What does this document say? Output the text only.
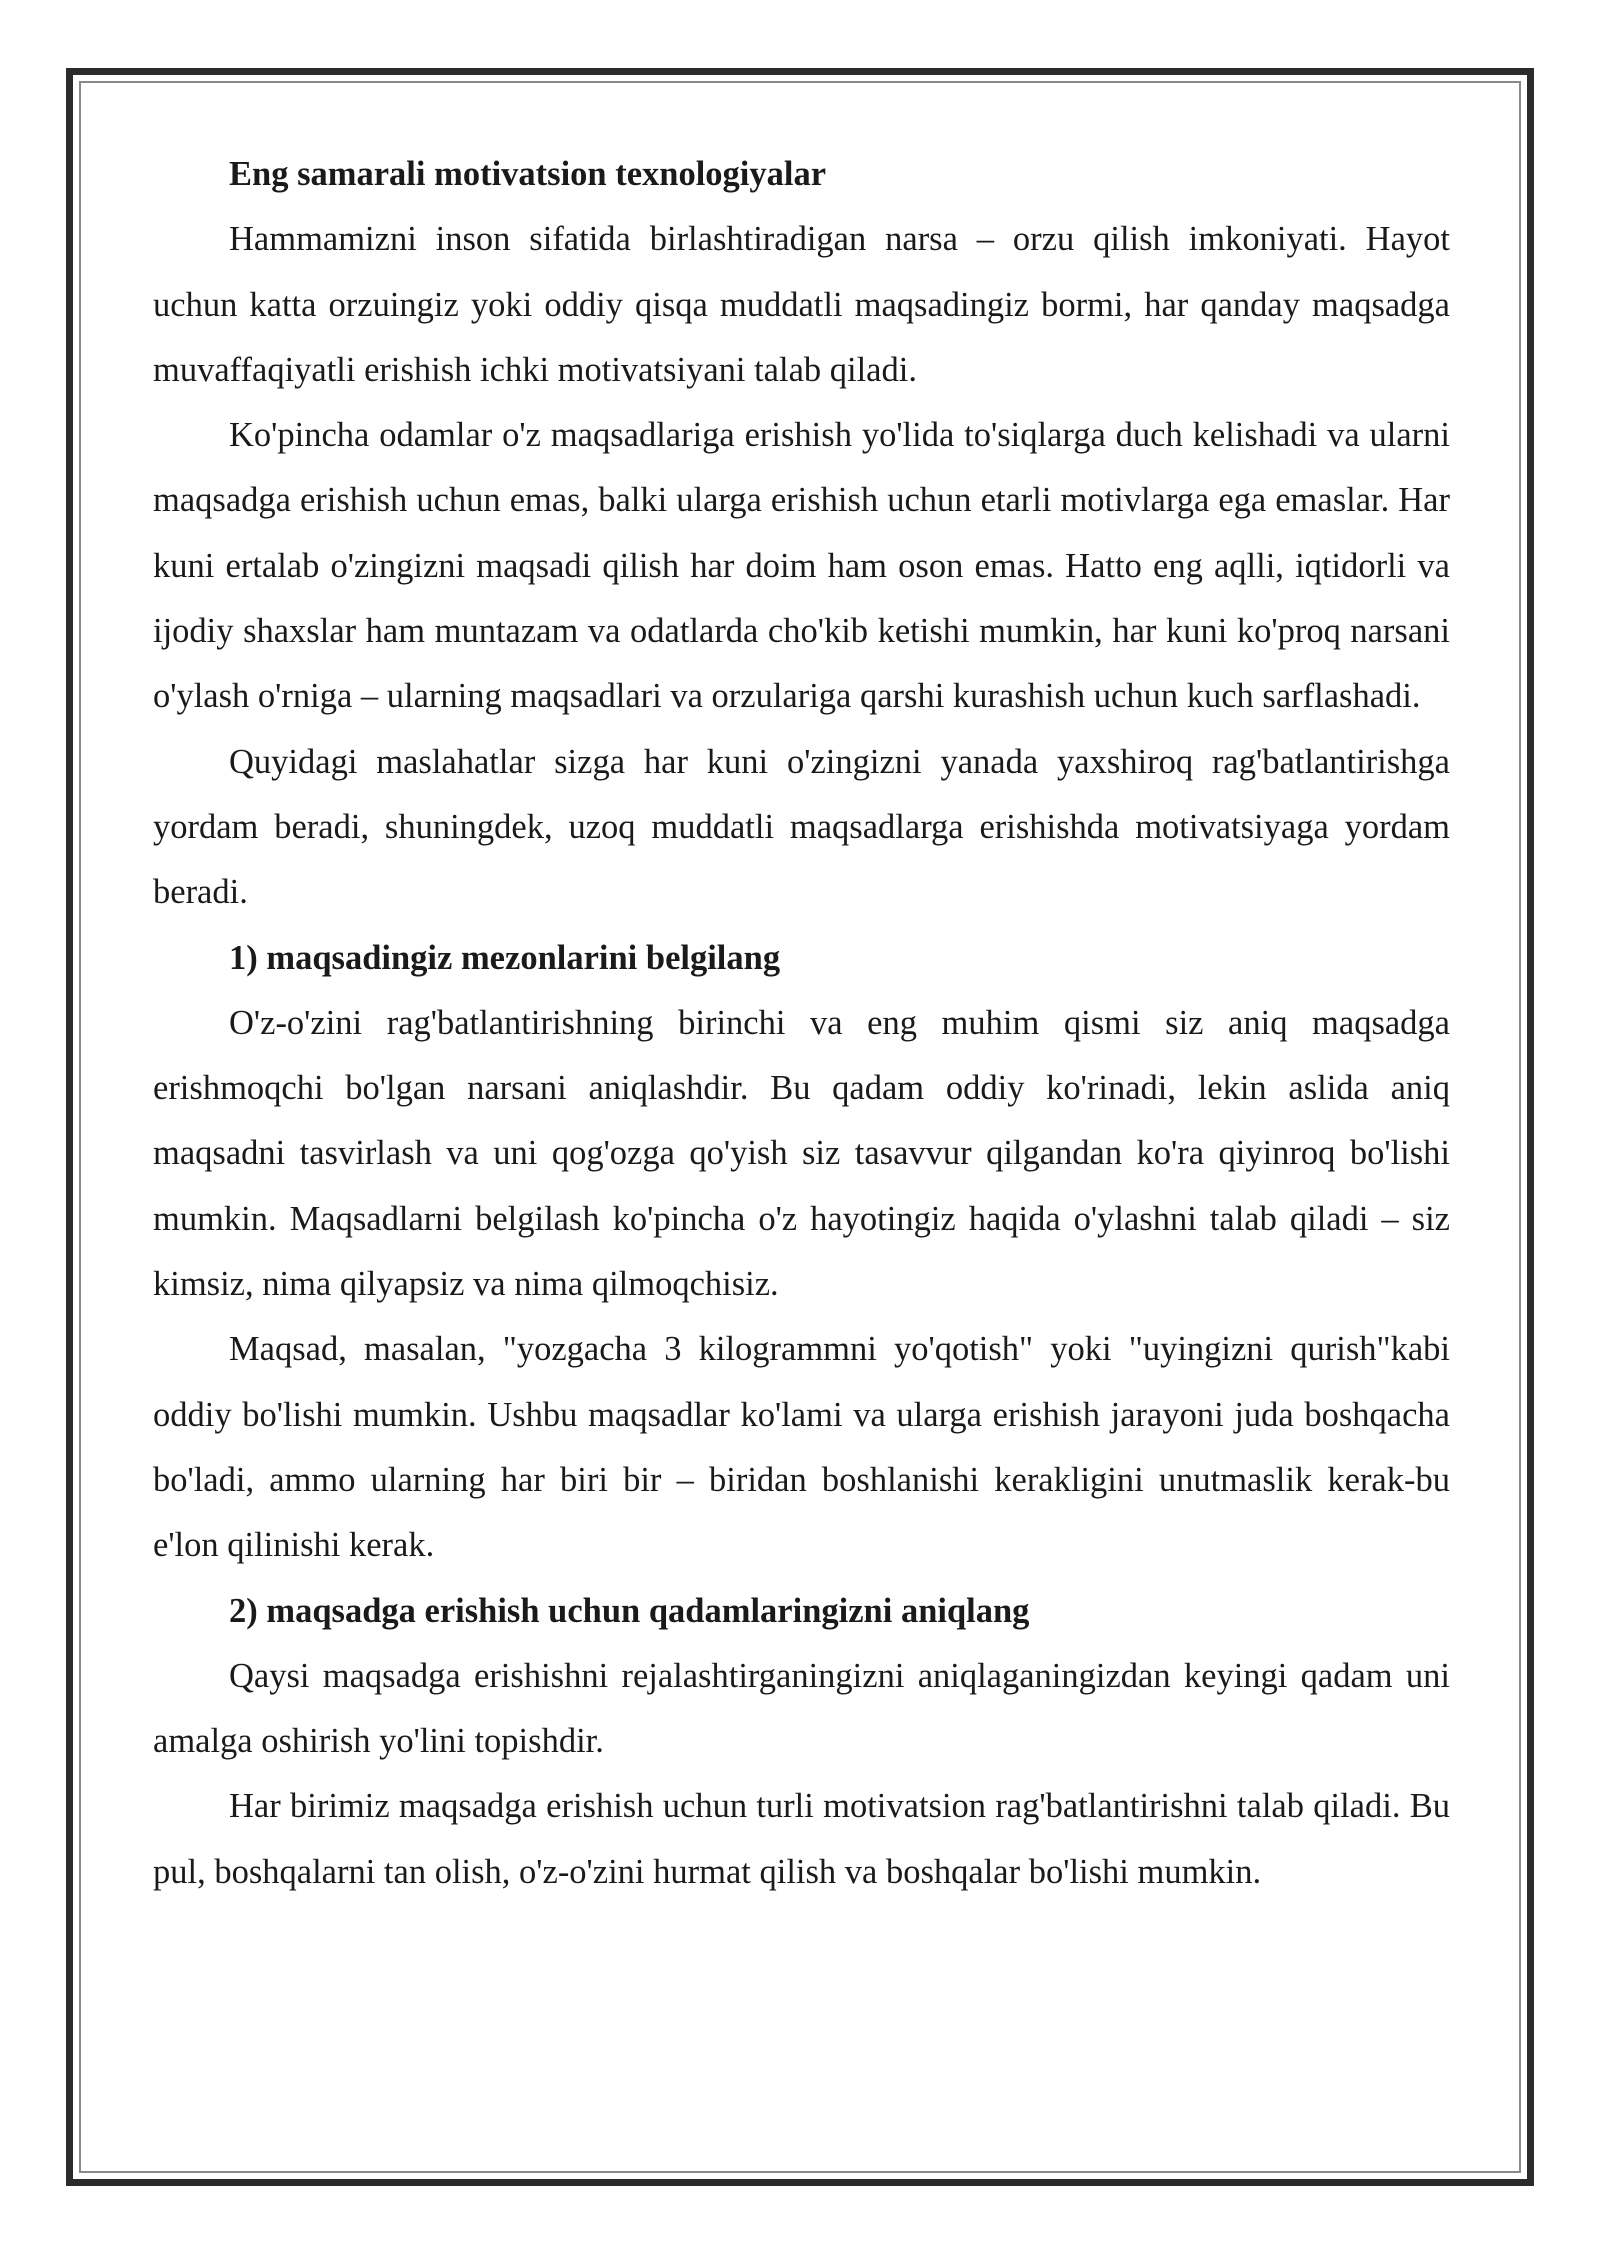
Eng samarali motivatsion texnologiyalar

Hammamizni inson sifatida birlashtiradigan narsa – orzu qilish imkoniyati. Hayot uchun katta orzuingiz yoki oddiy qisqa muddatli maqsadingiz bormi, har qanday maqsadga muvaffaqiyatli erishish ichki motivatsiyani talab qiladi.

Ko'pincha odamlar o'z maqsadlariga erishish yo'lida to'siqlarga duch kelishadi va ularni maqsadga erishish uchun emas, balki ularga erishish uchun etarli motivlarga ega emaslar. Har kuni ertalab o'zingizni maqsadi qilish har doim ham oson emas. Hatto eng aqlli, iqtidorli va ijodiy shaxslar ham muntazam va odatlarda cho'kib ketishi mumkin, har kuni ko'proq narsani o'ylash o'rniga – ularning maqsadlari va orzulariga qarshi kurashish uchun kuch sarflashadi.

Quyidagi maslahatlar sizga har kuni o'zingizni yanada yaxshiroq rag'batlantirishga yordam beradi, shuningdek, uzoq muddatli maqsadlarga erishishda motivatsiyaga yordam beradi.

1) maqsadingiz mezonlarini belgilang

O'z-o'zini rag'batlantirishning birinchi va eng muhim qismi siz aniq maqsadga erishmoqchi bo'lgan narsani aniqlashdir. Bu qadam oddiy ko'rinadi, lekin aslida aniq maqsadni tasvirlash va uni qog'ozga qo'yish siz tasavvur qilgandan ko'ra qiyinroq bo'lishi mumkin. Maqsadlarni belgilash ko'pincha o'z hayotingiz haqida o'ylashni talab qiladi – siz kimsiz, nima qilyapsiz va nima qilmoqchisiz.

Maqsad, masalan, "yozgacha 3 kilogrammni yo'qotish" yoki "uyingizni qurish"kabi oddiy bo'lishi mumkin. Ushbu maqsadlar ko'lami va ularga erishish jarayoni juda boshqacha bo'ladi, ammo ularning har biri bir – biridan boshlanishi kerakligini unutmaslik kerak-bu e'lon qilinishi kerak.

2) maqsadga erishish uchun qadamlaringizni aniqlang

Qaysi maqsadga erishishni rejalashtirganingizni aniqlaganingizdan keyingi qadam uni amalga oshirish yo'lini topishdir.

Har birimiz maqsadga erishish uchun turli motivatsion rag'batlantirishni talab qiladi. Bu pul, boshqalarni tan olish, o'z-o'zini hurmat qilish va boshqalar bo'lishi mumkin.
